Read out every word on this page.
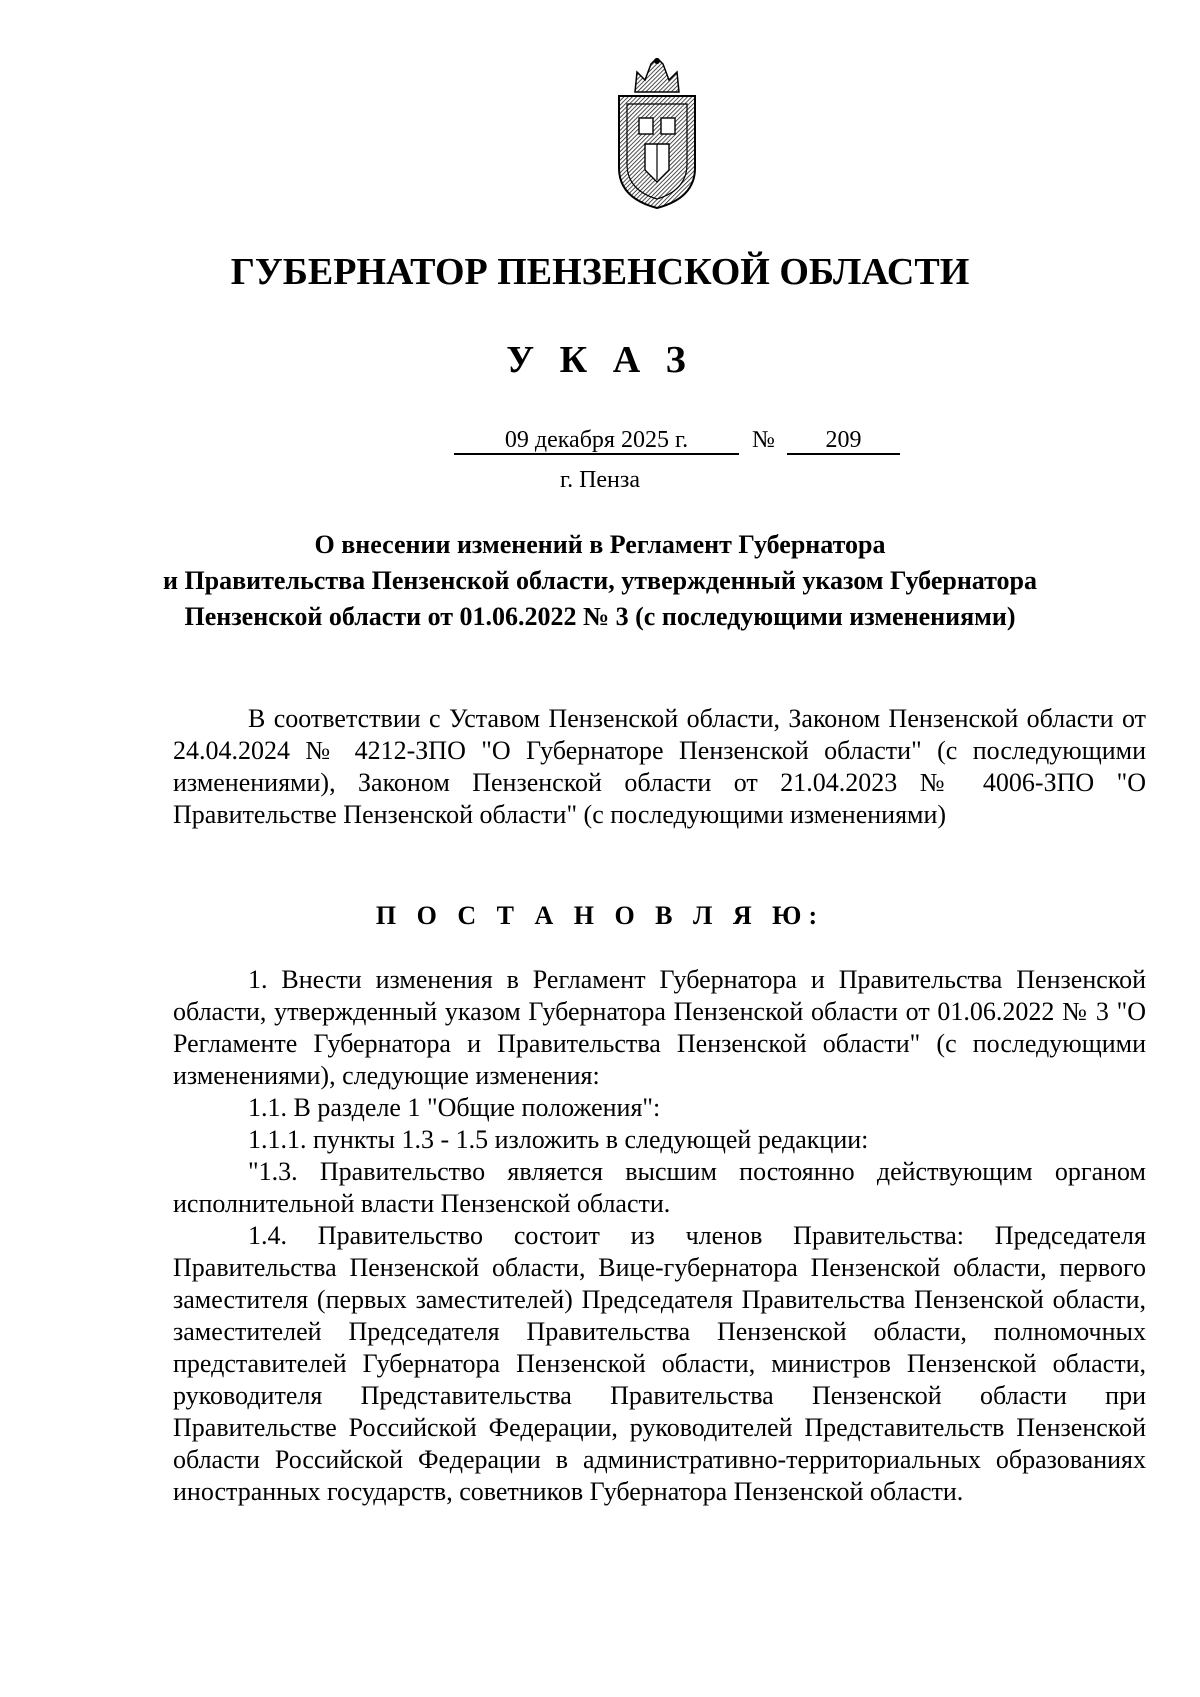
ГУБЕРНАТОР ПЕНЗЕНСКОЙ ОБЛАСТИ
У К А З
09 декабря 2025 г.	№	209
г. Пенза
О внесении изменений в Регламент Губернатора
и Правительства Пензенской области, утвержденный указом Губернатора
Пензенской области от 01.06.2022 № 3 (с последующими изменениями)

В соответствии с Уставом Пензенской области, Законом Пензенской области от 24.04.2024 № 4212-ЗПО "О Губернаторе Пензенской области" (с последующими изменениями), Законом Пензенской области от 21.04.2023 № 4006-ЗПО "О Правительстве Пензенской области" (с последующими изменениями)

П О С Т А Н О В Л Я Ю:

1. Внести изменения в Регламент Губернатора и Правительства Пензенской области, утвержденный указом Губернатора Пензенской области от 01.06.2022 № 3 "О Регламенте Губернатора и Правительства Пензенской области" (с последующими изменениями), следующие изменения:

1.1. В разделе 1 "Общие положения":

1.1.1. пункты 1.3 - 1.5 изложить в следующей редакции:

"1.3. Правительство является высшим постоянно действующим органом исполнительной власти Пензенской области.

1.4. Правительство состоит из членов Правительства: Председателя Правительства Пензенской области, Вице-губернатора Пензенской области, первого заместителя (первых заместителей) Председателя Правительства Пензенской области, заместителей Председателя Правительства Пензенской области, полномочных представителей Губернатора Пензенской области, министров Пензенской области, руководителя Представительства Правительства Пензенской области при Правительстве Российской Федерации, руководителей Представительств Пензенской области Российской Федерации в административно-территориальных образованиях иностранных государств, советников Губернатора Пензенской области.
